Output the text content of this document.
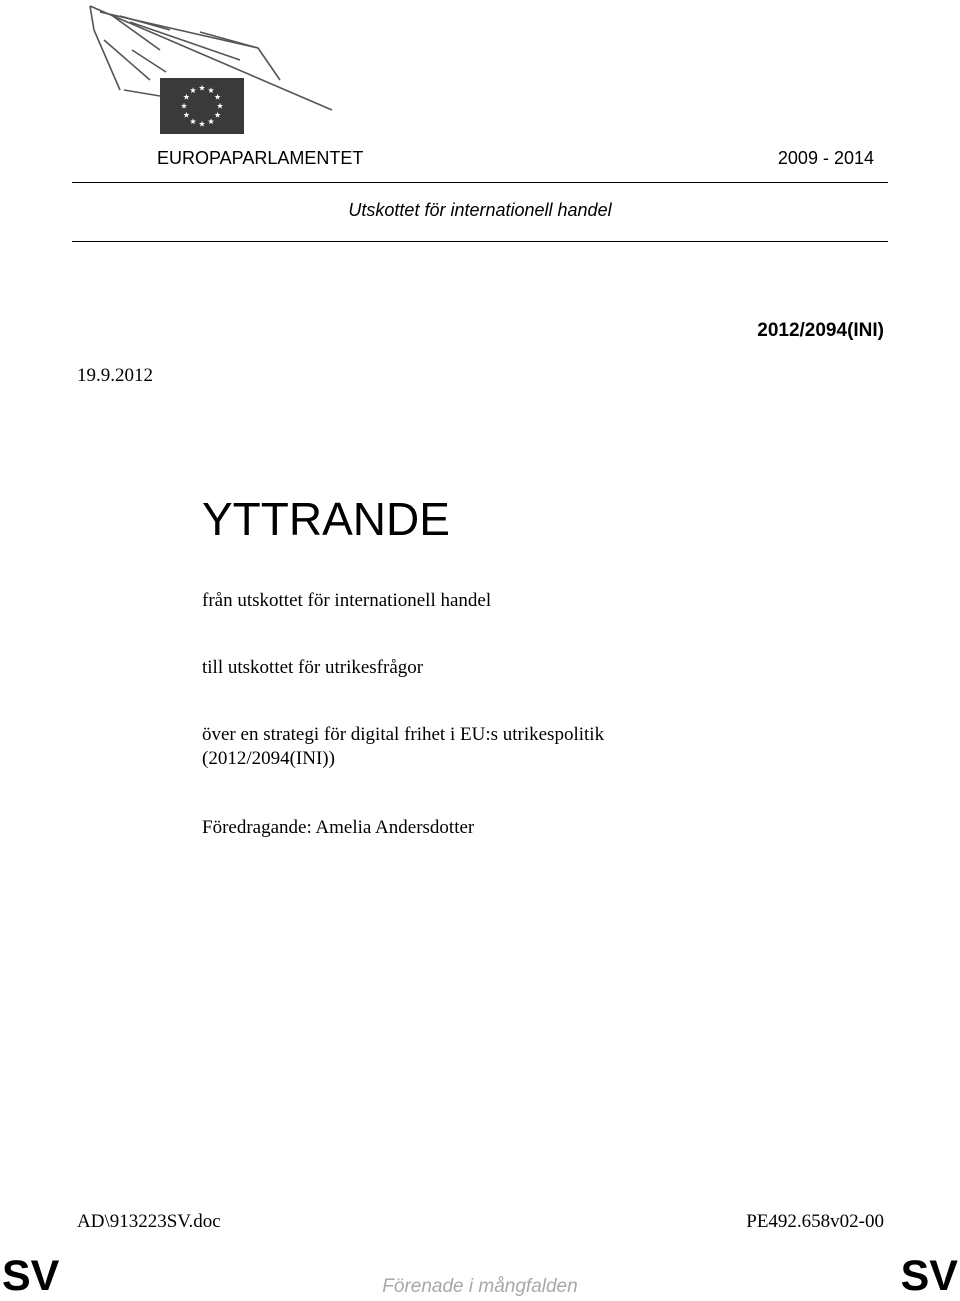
EUROPAPARLAMENTET	2009 - 2014
Utskottet för internationell handel
2012/2094(INI)
19.9.2012
YTTRANDE
från utskottet för internationell handel
till utskottet för utrikesfrågor
över en strategi för digital frihet i EU:s utrikespolitik
(2012/2094(INI))
Föredragande: Amelia Andersdotter
AD\913223SV.doc	PE492.658v02-00
SV	Förenade i mångfalden	SV
